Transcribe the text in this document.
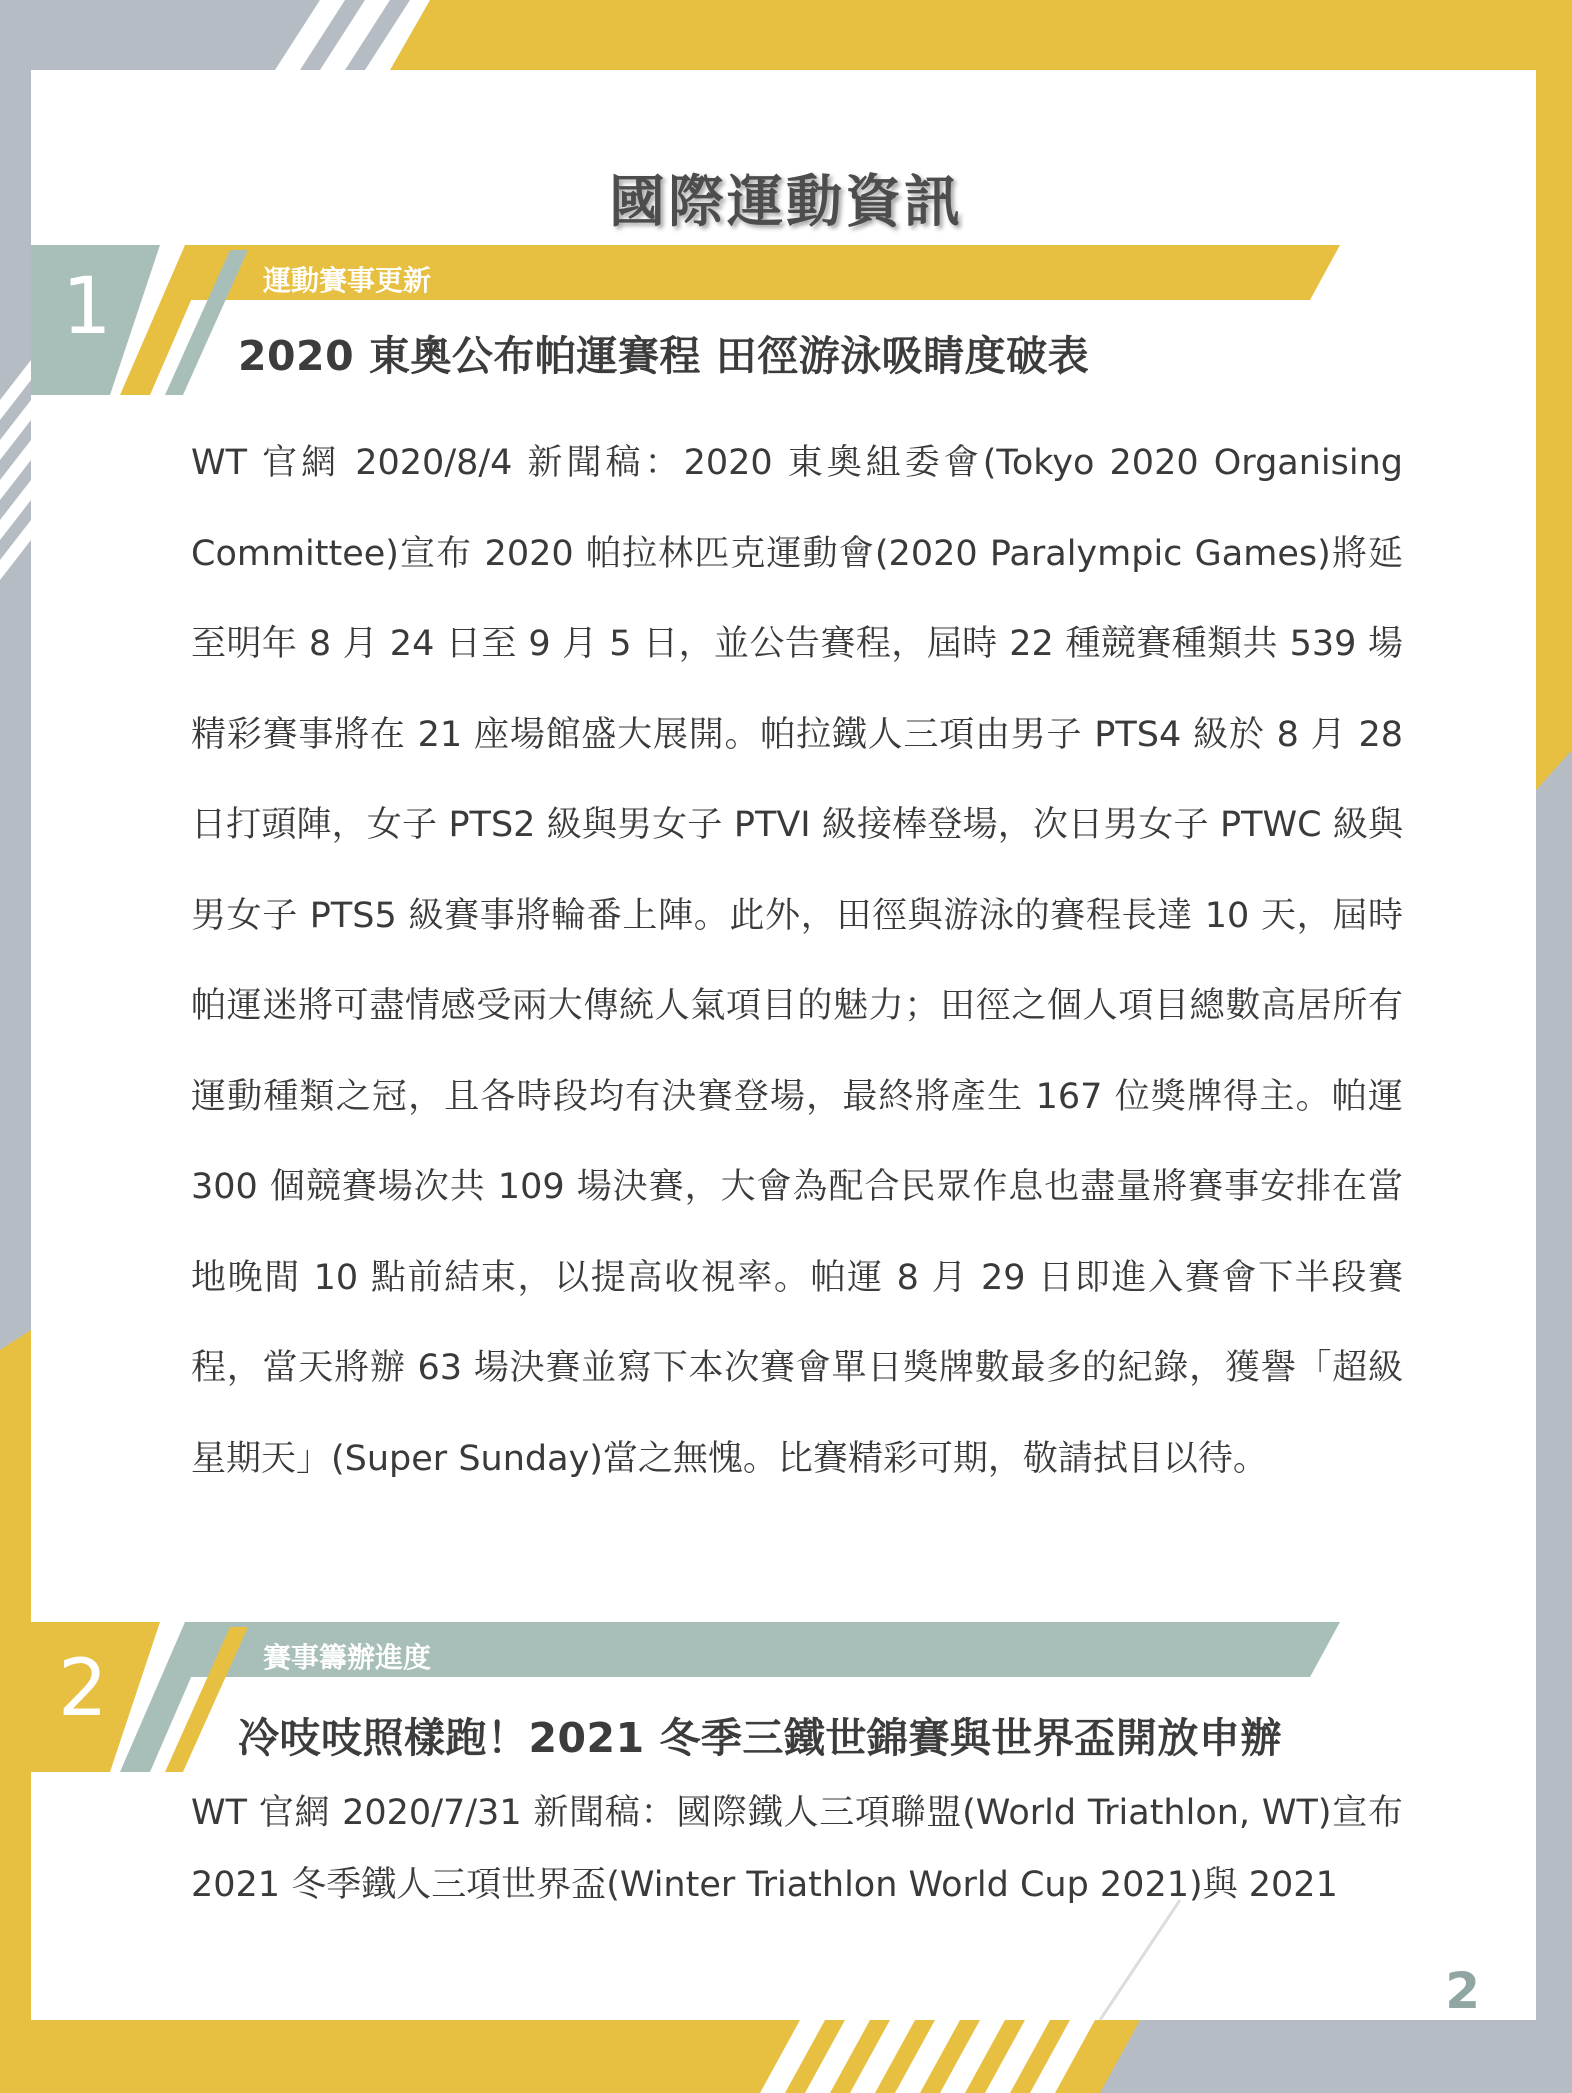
國際運動資訊
1	運動賽事更新
2020 東奧公布帕運賽程 田徑游泳吸睛度破表
WT 官網 2020/8/4 新聞稿：2020 東奧組委會(Tokyo 2020 Organising Committee)宣布 2020 帕拉林匹克運動會(2020 Paralympic Games)將延至明年 8 月 24 日至 9 月 5 日，並公告賽程，屆時 22 種競賽種類共 539 場精彩賽事將在 21 座場館盛大展開。帕拉鐵人三項由男子 PTS4 級於 8 月 28 日打頭陣，女子 PTS2 級與男女子 PTVI 級接棒登場，次日男女子 PTWC 級與男女子 PTS5 級賽事將輪番上陣。此外，田徑與游泳的賽程長達 10 天，屆時帕運迷將可盡情感受兩大傳統人氣項目的魅力；田徑之個人項目總數高居所有運動種類之冠，且各時段均有決賽登場，最終將產生 167 位獎牌得主。帕運 300 個競賽場次共 109 場決賽，大會為配合民眾作息也盡量將賽事安排在當地晚間 10 點前結束，以提高收視率。帕運 8 月 29 日即進入賽會下半段賽程，當天將辦 63 場決賽並寫下本次賽會單日獎牌數最多的紀錄，獲譽「超級星期天」(Super Sunday)當之無愧。比賽精彩可期，敬請拭目以待。
2	賽事籌辦進度
冷吱吱照樣跑！2021 冬季三鐵世錦賽與世界盃開放申辦
WT 官網 2020/7/31 新聞稿：國際鐵人三項聯盟(World Triathlon, WT)宣布 2021 冬季鐵人三項世界盃(Winter Triathlon World Cup 2021)與 2021
2
